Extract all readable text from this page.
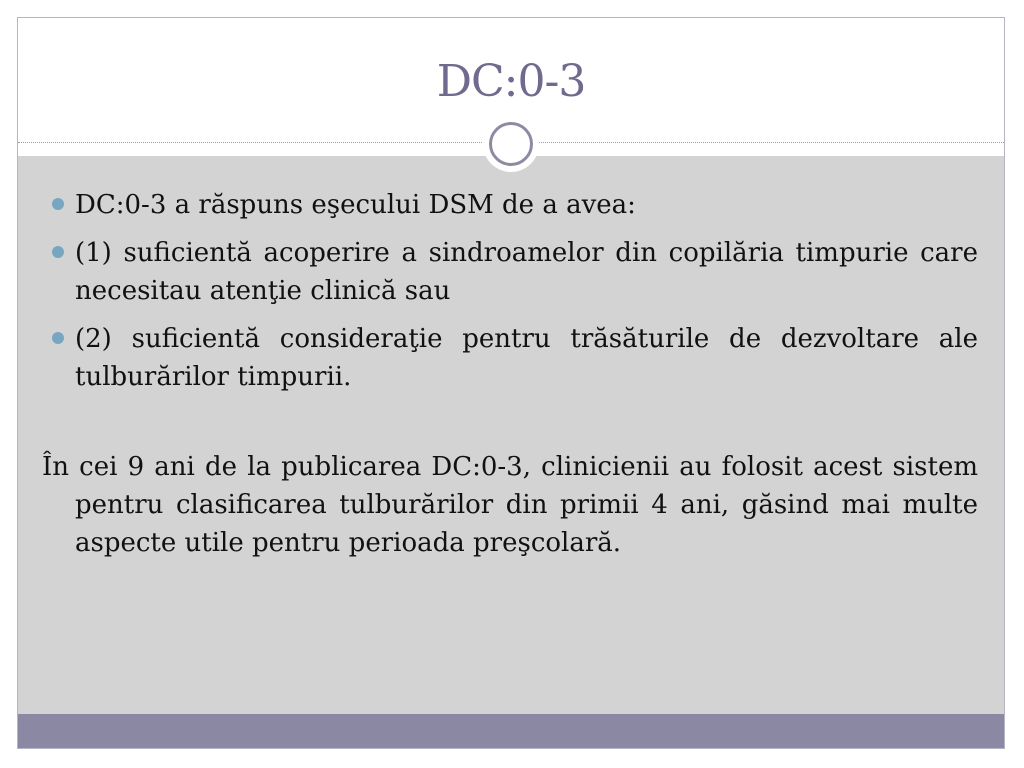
DC:0-3
DC:0-3 a răspuns eşecului DSM de a avea:
(1) suficientă acoperire a sindroamelor din copilăria timpurie care necesitau atenţie clinică sau
(2) suficientă consideraţie pentru trăsăturile de dezvoltare ale tulburărilor timpurii.

În cei 9 ani de la publicarea DC:0-3, clinicienii au folosit acest sistem pentru clasificarea tulburărilor din primii 4 ani, găsind mai multe aspecte utile pentru perioada preşcolară.
